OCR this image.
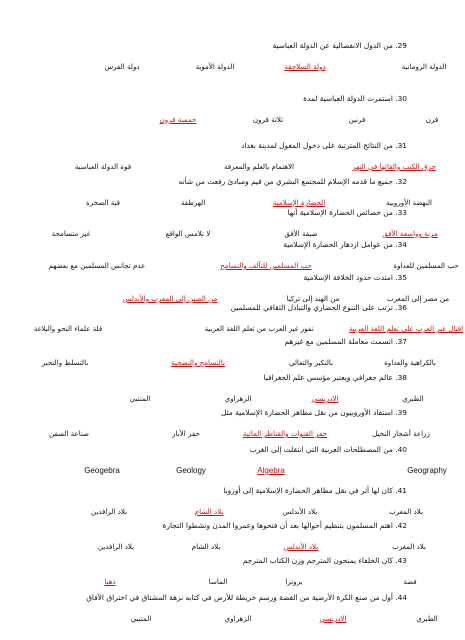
29. من الدول الانفصالية عن الدولة العباسية
الدولة الرومانية
دولة السلاجقة
الدولة الأموية
دولة الفرس
30. استمرت الدولة العباسية لمدة
قرن
قرنين
ثلاثة قرون
خمسة قرون
31. من النتائج المترتبة على دخول المغول لمدينة بغداد
حرق الكتب والقائها في النهر
الاهتمام بالعلم والمعرفة
قوة الدولة العباسية
32. جميع ما قدمه الإسلام للمجتمع البشري من قيم ومبادئ رفعت من شأنه
النهضة الأوروبية
الحضارة الإسلامية
الهرطقة
قبة الصخرة
33. من خصائص الحضارة الإسلامية أنها
مرنة وواسعة الأفق
ضيقة الأفق
لا تلامس الواقع
غير متسامحة
34. من عوامل ازدهار الحضارة الإسلامية
حب المسلمين للعداوة
حب المسلمين للتآلف والتسامح
عدم تجانس المسلمين مع بعضهم
35. امتدت حدود الخلافة الإسلامية
من مصر إلى المغرب
من الهند إلى تركيا
من الصين إلى المغرب والأندلس
36. ترتب على التنوع الحضاري والتبادل الثقافي للمسلمين
اقبال غير العرب على تعلم اللغة العربية
نفور غير العرب من تعلم اللغة العربية
قلة علماء النحو والبلاغة
37. اتسمت معاملة المسلمين مع غيرهم
بالكراهية والعداوة
بالتكبر والتعالي
بالتسامح والتضحية
بالتسلط والتجبر
38. عالم جغرافي ويعتبر مؤسس علم الجغرافيا
الطبري
الادريسي
الزهراوي
المتنبي
39. استفاد الأوروبيون من نقل مظاهر الحضارة الإسلامية مثل
زراعة أشجار النخيل
حفر القنوات والقناطر المائية
حفر الآبار
صناعة السفن
40. من المصطلحات العربية التي انتقلت إلى الغرب
Geography
Algebra
Geology
Geogebra
41. كان لها أثر في نقل مظاهر الحضارة الإسلامية إلى أوروبا
بلاد المغرب
بلاد الأندلس
بلاد الشام
بلاد الرافدين
42. اهتم المسلمون بتنظيم أحوالها بعد أن فتحوها وعمروا المدن ونشطوا التجارة
بلاد المغرب
بلاد الأندلس
بلاد الشام
بلاد الرافدين
43. كان الخلفاء يمنحون المترجم وزن الكتاب المترجم
فضة
برونزا
الماسا
ذهبا
44. أول من صنع الكرة الأرضية من الفضة ورسم خريطة للأرض في كتابه نزهة المشتاق في اختراق الآفاق
الطبري
الادريسي
الزهراوي
المتنبي
